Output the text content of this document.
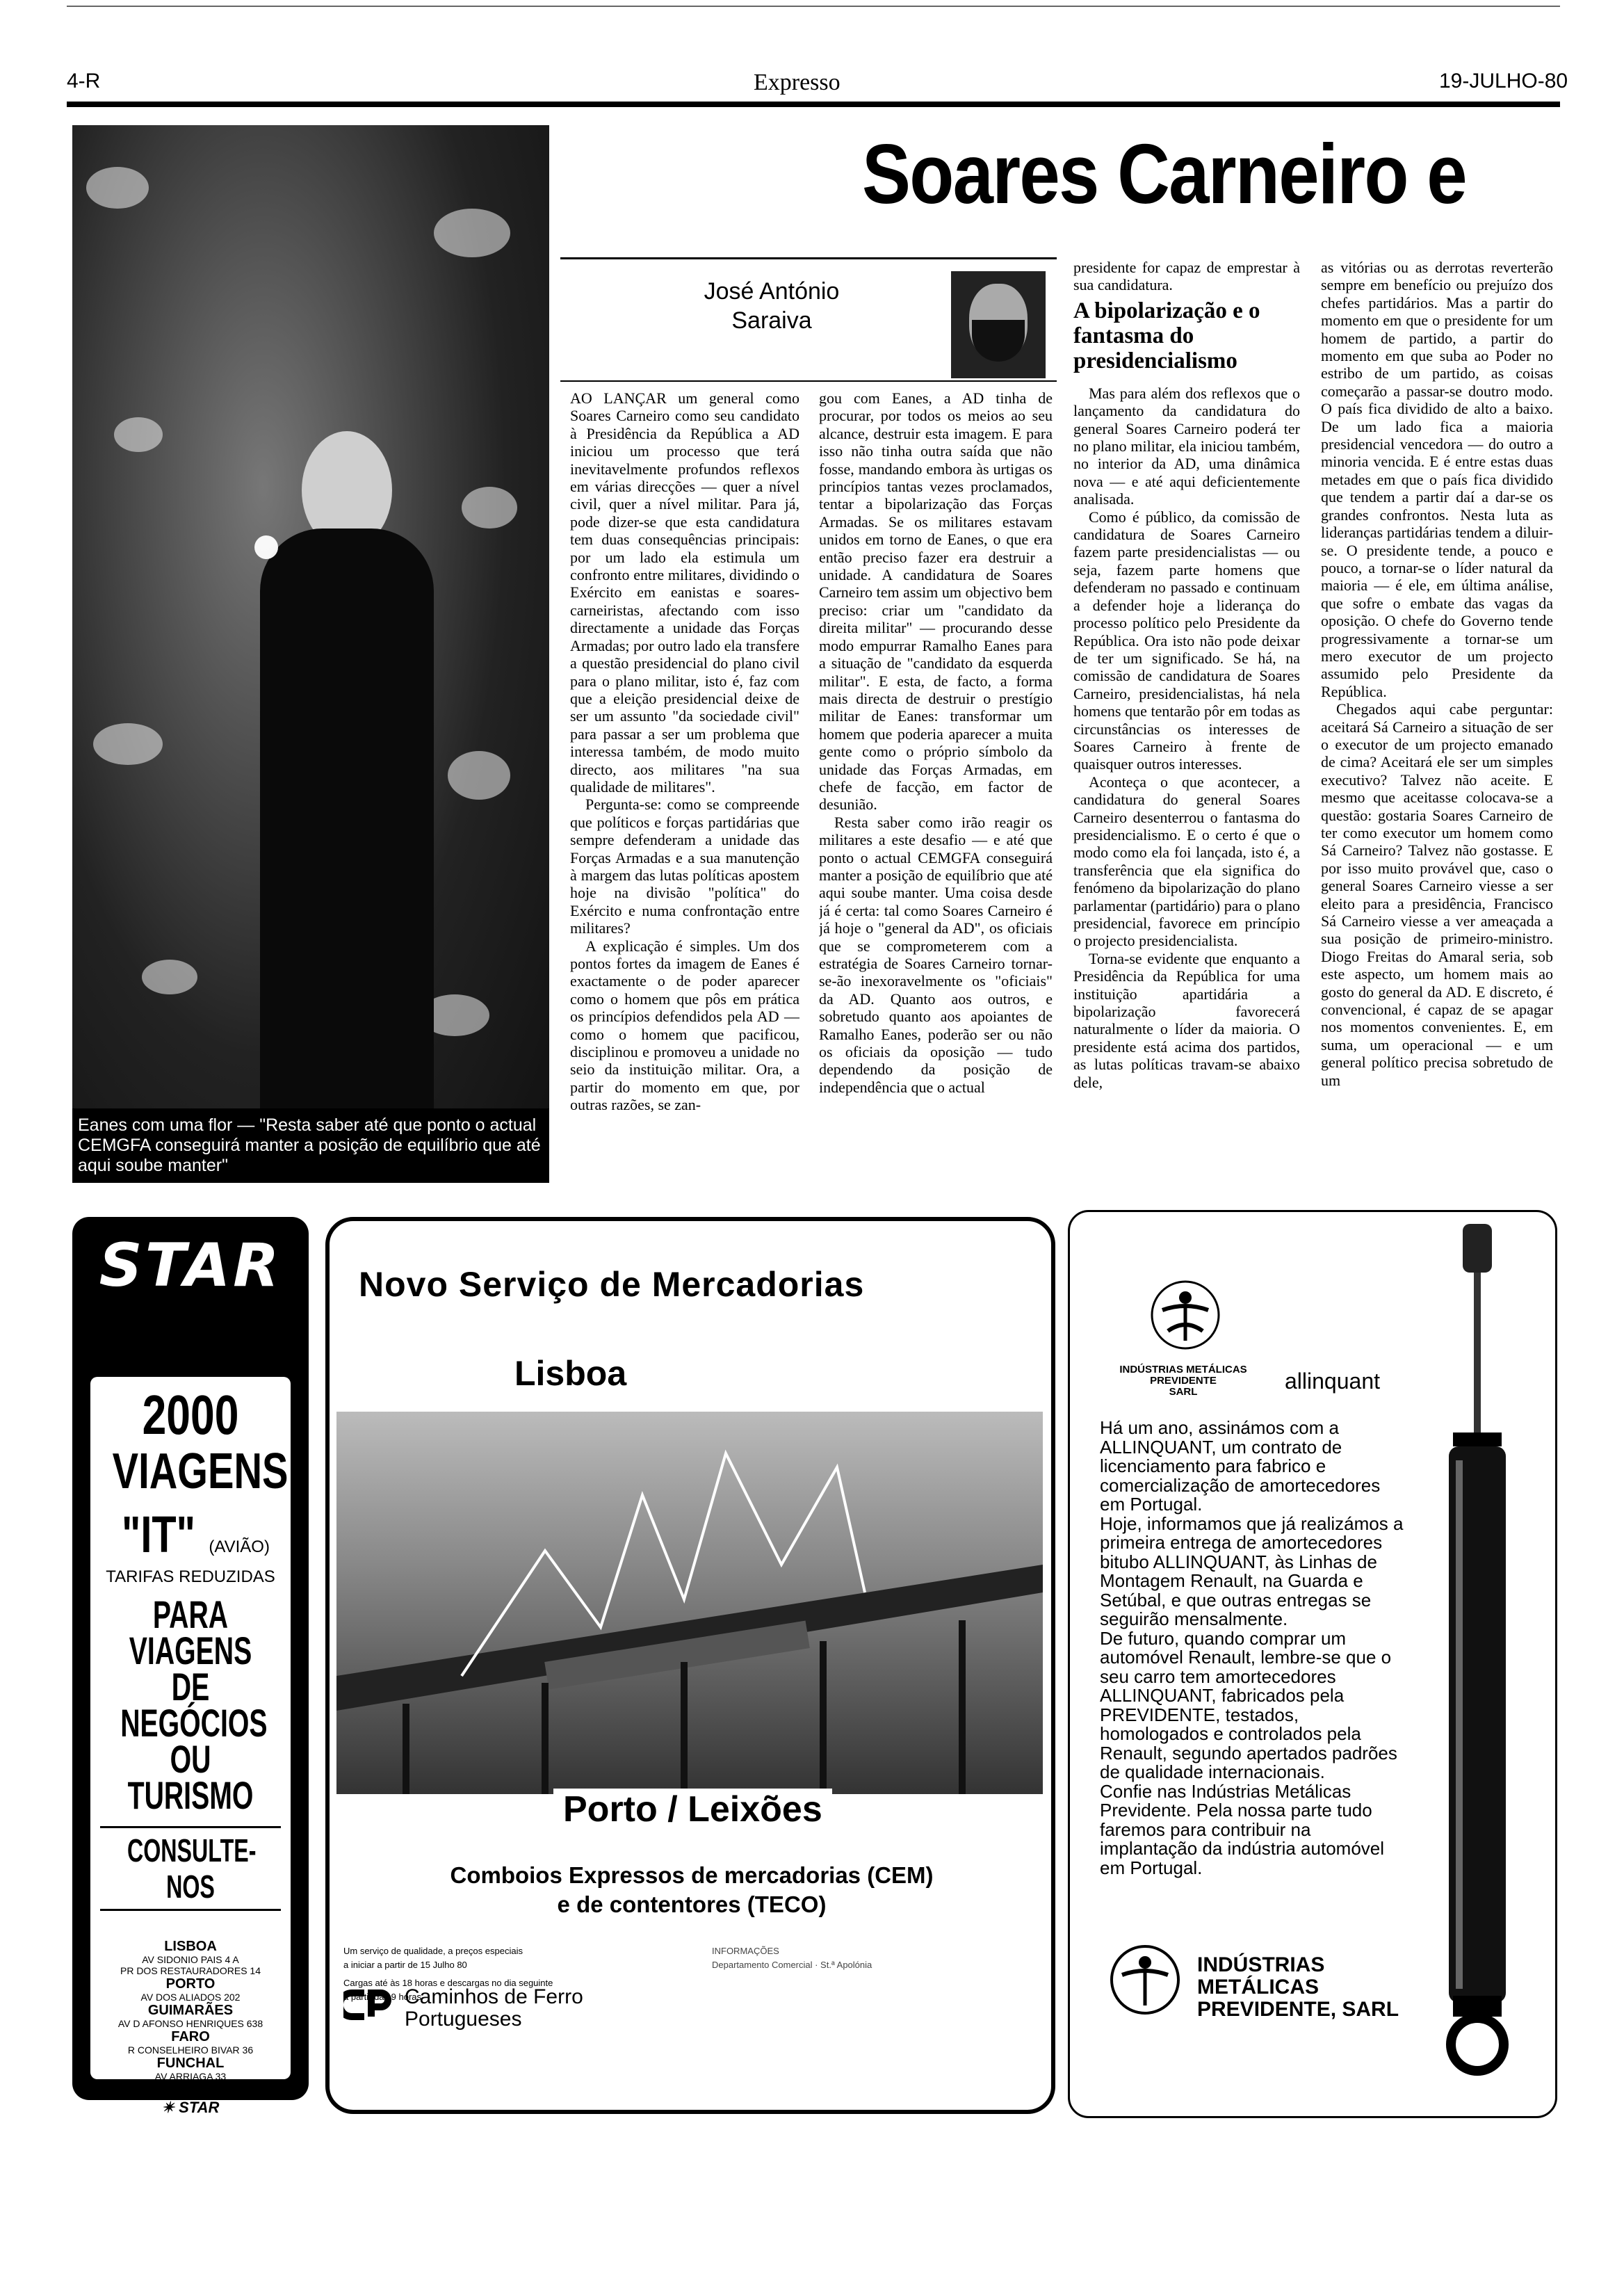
4-R	Expresso	19-JULHO-80
Soares Carneiro e
Eanes com uma flor — "Resta saber até que ponto o actual CEMGFA conseguirá manter a posição de equilíbrio que até aqui soube manter"
José António
Saraiva

AO LANÇAR um general como Soares Carneiro como seu candidato à Presidência da República a AD iniciou um processo que terá inevitavelmente profundos reflexos em várias direcções — quer a nível civil, quer a nível militar. Para já, pode dizer-se que esta candidatura tem duas consequências principais: por um lado ela estimula um confronto entre militares, dividindo o Exército em eanistas e soares-carneiristas, afectando com isso directamente a unidade das Forças Armadas; por outro lado ela transfere a questão presidencial do plano civil para o plano militar, isto é, faz com que a eleição presidencial deixe de ser um assunto "da sociedade civil" para passar a ser um problema que interessa também, de modo muito directo, aos militares "na sua qualidade de militares".

Pergunta-se: como se compreende que políticos e forças partidárias que sempre defenderam a unidade das Forças Armadas e a sua manutenção à margem das lutas políticas apostem hoje na divisão "política" do Exército e numa confrontação entre militares?

A explicação é simples. Um dos pontos fortes da imagem de Eanes é exactamente o de poder aparecer como o homem que pôs em prática os princípios defendidos pela AD — como o homem que pacificou, disciplinou e promoveu a unidade no seio da instituição militar. Ora, a partir do momento em que, por outras razões, se zan-

gou com Eanes, a AD tinha de procurar, por todos os meios ao seu alcance, destruir esta imagem. E para isso não tinha outra saída que não fosse, mandando embora às urtigas os princípios tantas vezes proclamados, tentar a bipolarização das Forças Armadas. Se os militares estavam unidos em torno de Eanes, o que era então preciso fazer era destruir a unidade. A candidatura de Soares Carneiro tem assim um objectivo bem preciso: criar um "candidato da direita militar" — procurando desse modo empurrar Ramalho Eanes para a situação de "candidato da esquerda militar". E esta, de facto, a forma mais directa de destruir o prestígio militar de Eanes: transformar um homem que poderia aparecer a muita gente como o próprio símbolo da unidade das Forças Armadas, em chefe de facção, em factor de desunião.

Resta saber como irão reagir os militares a este desafio — e até que ponto o actual CEMGFA conseguirá manter a posição de equilíbrio que até aqui soube manter. Uma coisa desde já é certa: tal como Soares Carneiro é já hoje o "general da AD", os oficiais que se comprometerem com a estratégia de Soares Carneiro tornar-se-ão inexoravelmente os "oficiais" da AD. Quanto aos outros, e sobretudo quanto aos apoiantes de Ramalho Eanes, poderão ser ou não os oficiais da oposição — tudo dependendo da posição de independência que o actual

presidente for capaz de emprestar à sua candidatura.

A bipolarização e o fantasma do presidencialismo

Mas para além dos reflexos que o lançamento da candidatura do general Soares Carneiro poderá ter no plano militar, ela iniciou também, no interior da AD, uma dinâmica nova — e até aqui deficientemente analisada.

Como é público, da comissão de candidatura de Soares Carneiro fazem parte presidencialistas — ou seja, fazem parte homens que defenderam no passado e continuam a defender hoje a liderança do processo político pelo Presidente da República. Ora isto não pode deixar de ter um significado. Se há, na comissão de candidatura de Soares Carneiro, presidencialistas, há nela homens que tentarão pôr em todas as circunstâncias os interesses de Soares Carneiro à frente de quaisquer outros interesses.

Aconteça o que acontecer, a candidatura do general Soares Carneiro desenterrou o fantasma do presidencialismo. E o certo é que o modo como ela foi lançada, isto é, a transferência que ela significa do fenómeno da bipolarização do plano parlamentar (partidário) para o plano presidencial, favorece em princípio o projecto presidencialista.

Torna-se evidente que enquanto a Presidência da República for uma instituição apartidária a bipolarização favorecerá naturalmente o líder da maioria. O presidente está acima dos partidos, as lutas políticas travam-se abaixo dele,

as vitórias ou as derrotas reverterão sempre em benefício ou prejuízo dos chefes partidários. Mas a partir do momento em que o presidente for um homem de partido, a partir do momento em que suba ao Poder no estribo de um partido, as coisas começarão a passar-se doutro modo. O país fica dividido de alto a baixo. De um lado fica a maioria presidencial vencedora — do outro a minoria vencida. E é entre estas duas metades em que o país fica dividido que tendem a partir daí a dar-se os grandes confrontos. Nesta luta as lideranças partidárias tendem a diluir-se. O presidente tende, a pouco e pouco, a tornar-se o líder natural da maioria — é ele, em última análise, que sofre o embate das vagas da oposição. O chefe do Governo tende progressivamente a tornar-se um mero executor de um projecto assumido pelo Presidente da República.

Chegados aqui cabe perguntar: aceitará Sá Carneiro a situação de ser o executor de um projecto emanado de cima? Aceitará ele ser um simples executivo? Talvez não aceite. E mesmo que aceitasse colocava-se a questão: gostaria Soares Carneiro de ter como executor um homem como Sá Carneiro? Talvez não gostasse. E por isso muito provável que, caso o general Soares Carneiro viesse a ser eleito para a presidência, Francisco Sá Carneiro viesse a ver ameaçada a sua posição de primeiro-ministro. Diogo Freitas do Amaral seria, sob este aspecto, um homem mais ao gosto do general da AD. E discreto, é convencional, é capaz de se apagar nos momentos convenientes. E, em suma, um operacional — e um general político precisa sobretudo de um

STAR
2000
VIAGENS
"IT" (AVIÃO)
TARIFAS REDUZIDAS
PARA VIAGENS
DE NEGÓCIOS
OU TURISMO
CONSULTE-NOS
LISBOA
AV SIDONIO PAIS 4 A
PR DOS RESTAURADORES 14
PORTO
AV DOS ALIADOS 202
GUIMARÃES
AV D AFONSO HENRIQUES 638
FARO
R CONSELHEIRO BIVAR 36
FUNCHAL
AV ARRIAGA 33
✴ STAR
Novo Serviço de Mercadorias
Lisboa
Porto / Leixões
Comboios Expressos de mercadorias (CEM)
e de contentores (TECO)
Um serviço de qualidade, a preços especiais
a iniciar a partir de 15 Julho 80
Cargas até às 18 horas e descargas no dia seguinte
a partir das 9 horas
INFORMAÇÕES
Departamento Comercial · St.ª Apolónia
Caminhos de Ferro
Portugueses
INDÚSTRIAS METÁLICAS PREVIDENTE
SARL	allinquant

Há um ano, assinámos com a ALLINQUANT, um contrato de licenciamento para fabrico e comercialização de amortecedores em Portugal.

Hoje, informamos que já realizámos a primeira entrega de amortecedores bitubo ALLINQUANT, às Linhas de Montagem Renault, na Guarda e Setúbal, e que outras entregas se seguirão mensalmente.

De futuro, quando comprar um automóvel Renault, lembre-se que o seu carro tem amortecedores ALLINQUANT, fabricados pela PREVIDENTE, testados, homologados e controlados pela Renault, segundo apertados padrões de qualidade internacionais.

Confie nas Indústrias Metálicas Previdente. Pela nossa parte tudo faremos para contribuir na implantação da indústria automóvel em Portugal.

INDÚSTRIAS
METÁLICAS
PREVIDENTE, SARL
